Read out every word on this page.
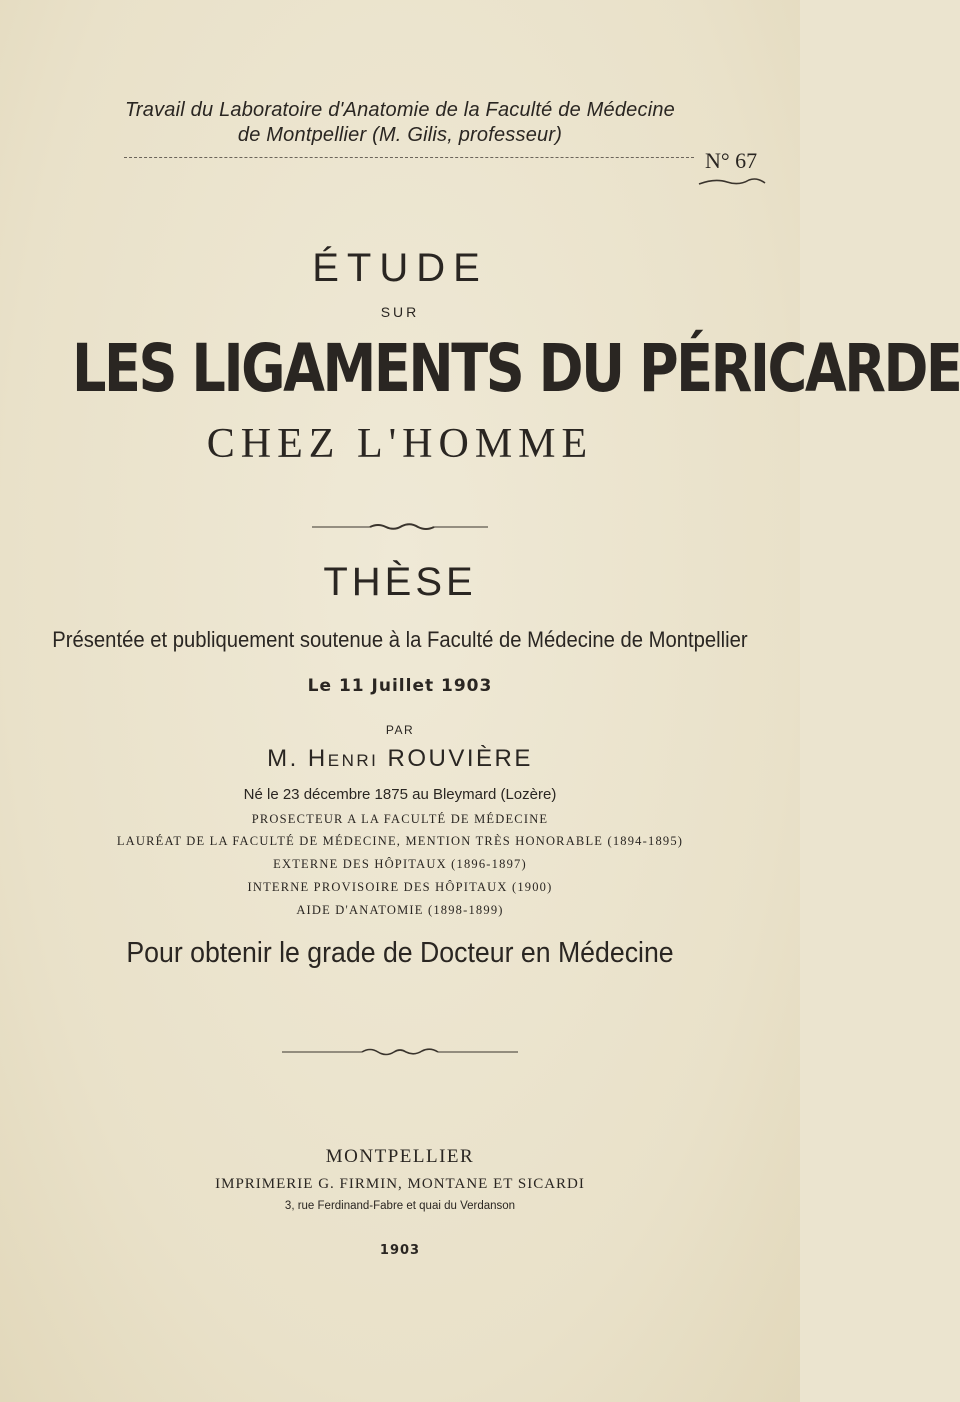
Travail du Laboratoire d'Anatomie de la Faculté de Médecine
de Montpellier (M. Gilis, professeur)
N° 67
ÉTUDE
SUR
LES LIGAMENTS DU PÉRICARDE
CHEZ L'HOMME
THÈSE
Présentée et publiquement soutenue à la Faculté de Médecine de Montpellier
Le 11 Juillet 1903
PAR
M. Henri ROUVIÈRE
Né le 23 décembre 1875 au Bleymard (Lozère)
PROSECTEUR A LA FACULTÉ DE MÉDECINE
LAURÉAT DE LA FACULTÉ DE MÉDECINE, MENTION TRÈS HONORABLE (1894-1895)
EXTERNE DES HÔPITAUX (1896-1897)
INTERNE PROVISOIRE DES HÔPITAUX (1900)
AIDE D'ANATOMIE (1898-1899)
Pour obtenir le grade de Docteur en Médecine
MONTPELLIER
IMPRIMERIE G. FIRMIN, MONTANE ET SICARDI
3, rue Ferdinand-Fabre et quai du Verdanson
1903
